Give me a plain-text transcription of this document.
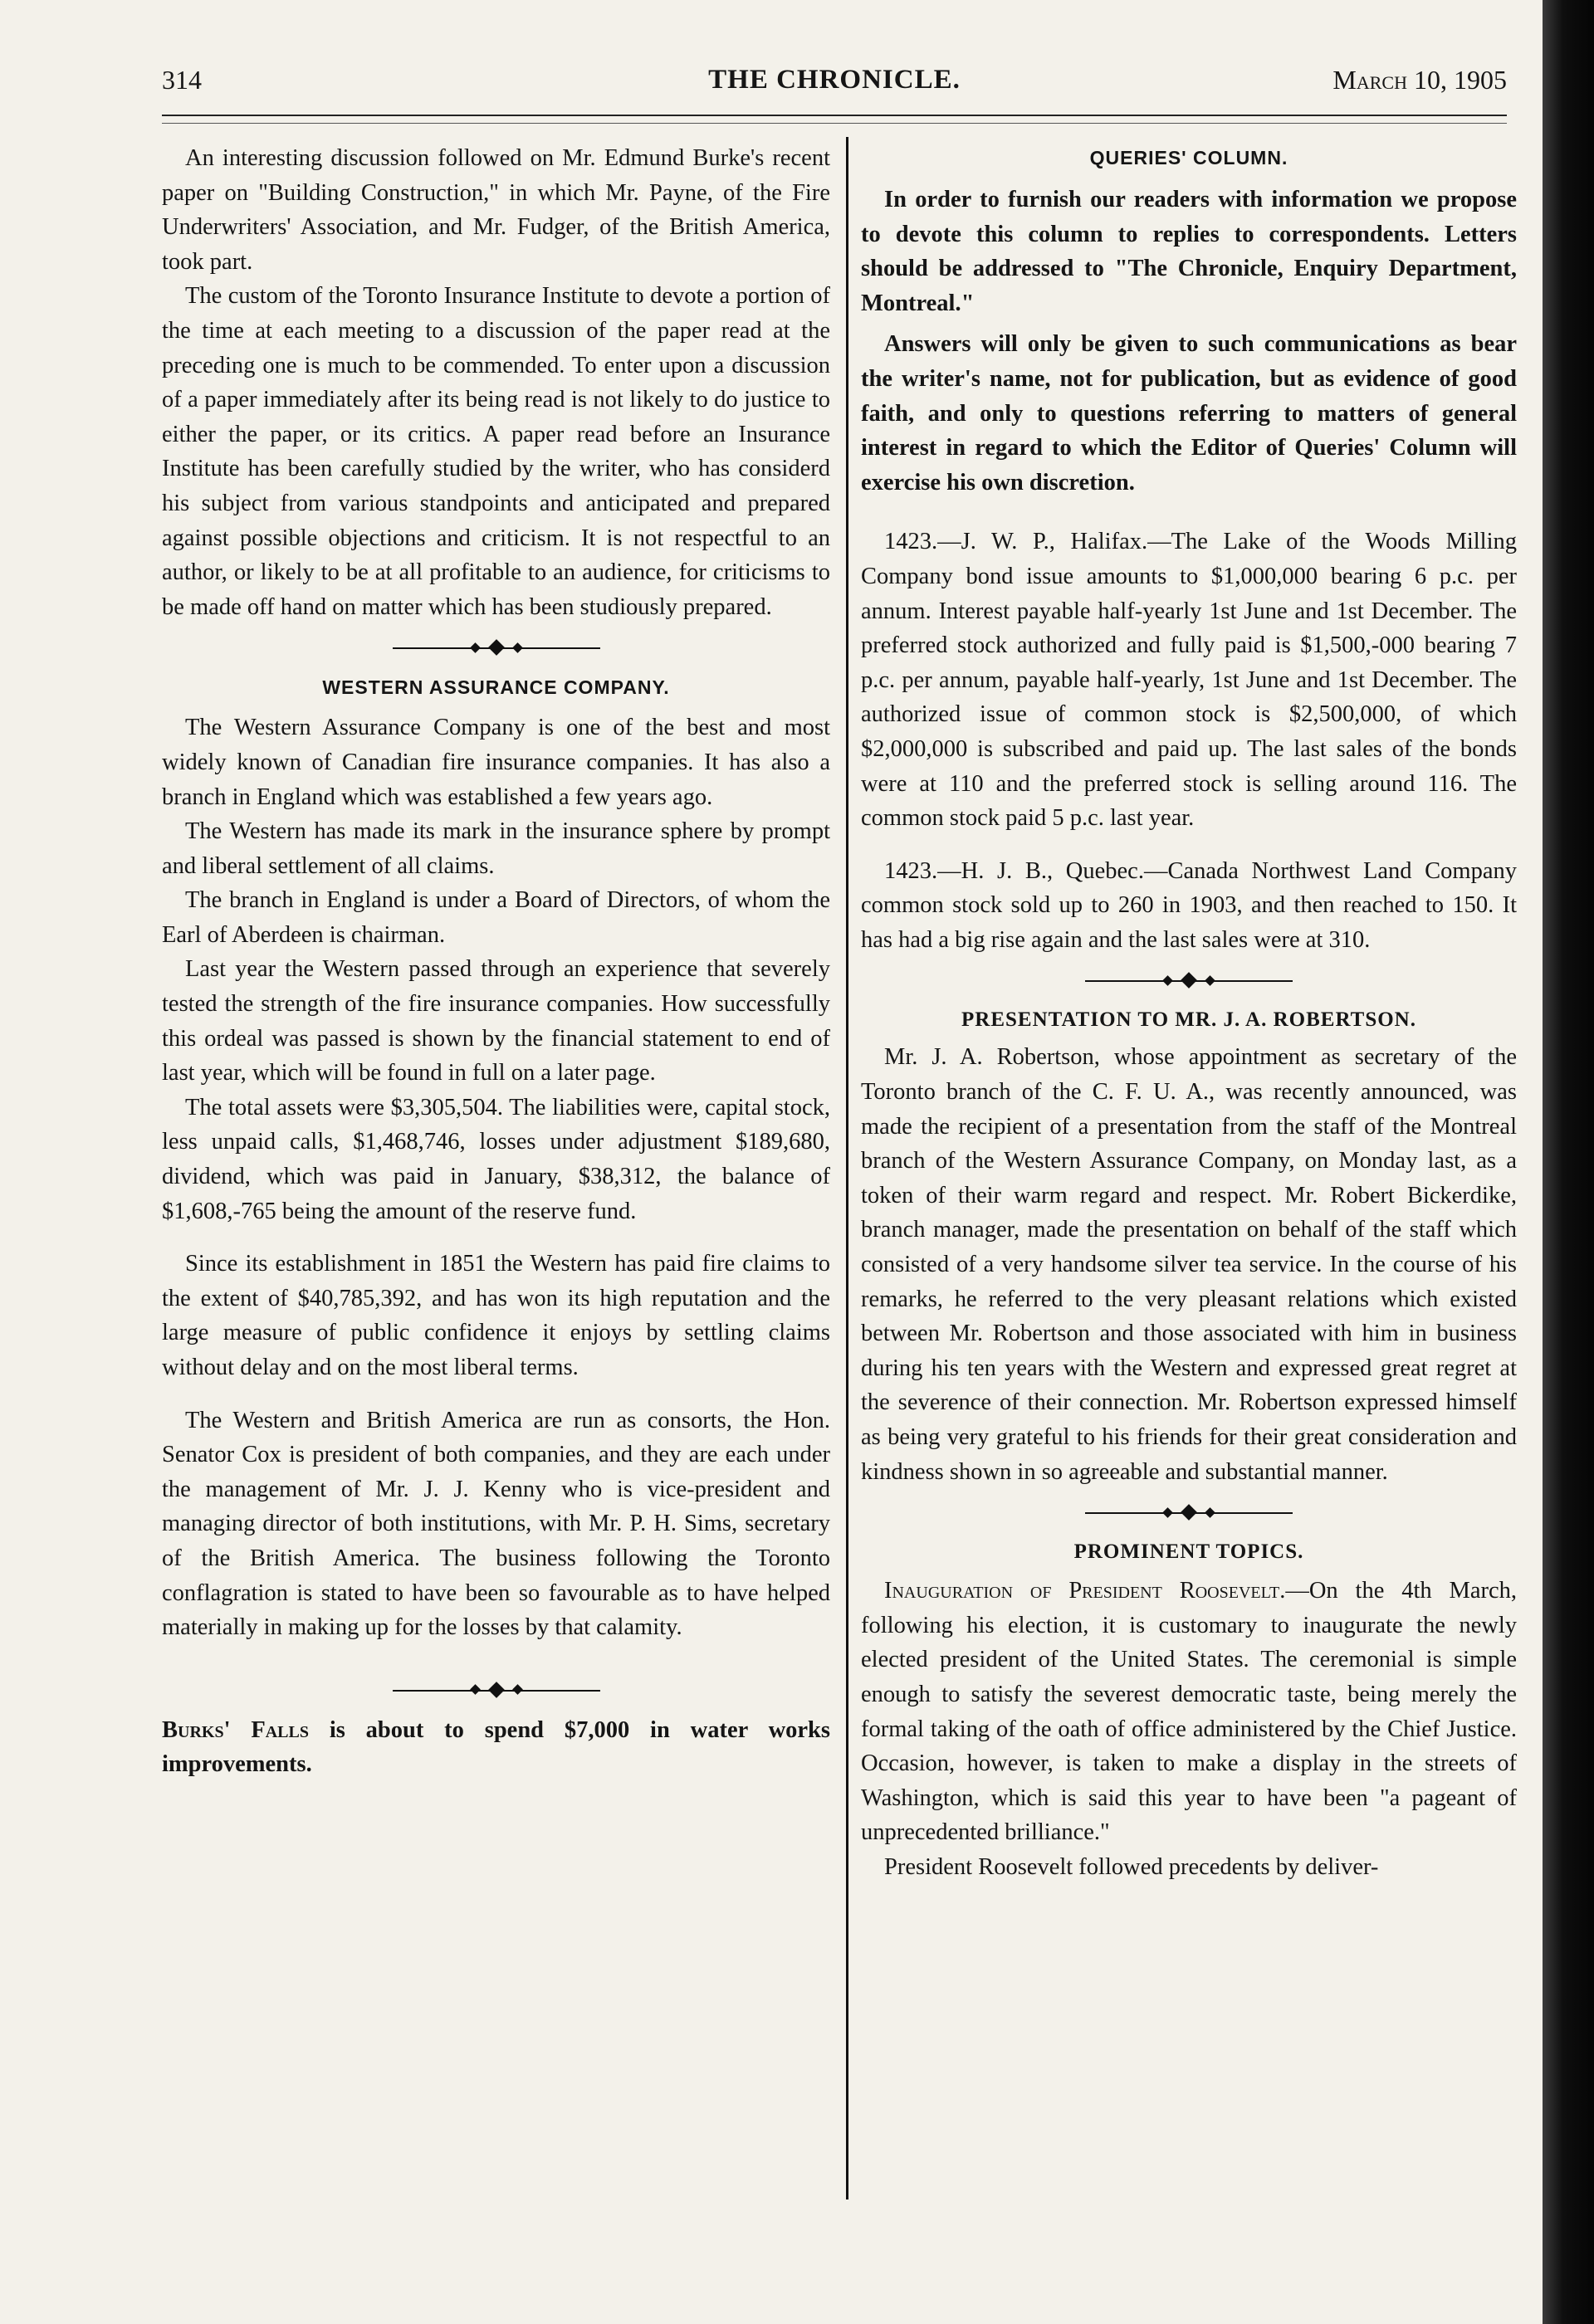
314	THE CHRONICLE.	March 10, 1905

An interesting discussion followed on Mr. Edmund Burke's recent paper on "Building Construction," in which Mr. Payne, of the Fire Underwriters' Association, and Mr. Fudger, of the British America, took part.

The custom of the Toronto Insurance Institute to devote a portion of the time at each meeting to a discussion of the paper read at the preceding one is much to be commended. To enter upon a discussion of a paper immediately after its being read is not likely to do justice to either the paper, or its critics. A paper read before an Insurance Institute has been carefully studied by the writer, who has considerd his subject from various standpoints and anticipated and prepared against possible objections and criticism. It is not respectful to an author, or likely to be at all profitable to an audience, for criticisms to be made off hand on matter which has been studiously prepared.

WESTERN ASSURANCE COMPANY.

The Western Assurance Company is one of the best and most widely known of Canadian fire insurance companies. It has also a branch in England which was established a few years ago.

The Western has made its mark in the insurance sphere by prompt and liberal settlement of all claims.

The branch in England is under a Board of Directors, of whom the Earl of Aberdeen is chairman.

Last year the Western passed through an experience that severely tested the strength of the fire insurance companies. How successfully this ordeal was passed is shown by the financial statement to end of last year, which will be found in full on a later page.

The total assets were $3,305,504. The liabilities were, capital stock, less unpaid calls, $1,468,746, losses under adjustment $189,680, dividend, which was paid in January, $38,312, the balance of $1,608,-765 being the amount of the reserve fund.

Since its establishment in 1851 the Western has paid fire claims to the extent of $40,785,392, and has won its high reputation and the large measure of public confidence it enjoys by settling claims without delay and on the most liberal terms.

The Western and British America are run as consorts, the Hon. Senator Cox is president of both companies, and they are each under the management of Mr. J. J. Kenny who is vice-president and managing director of both institutions, with Mr. P. H. Sims, secretary of the British America. The business following the Toronto conflagration is stated to have been so favourable as to have helped materially in making up for the losses by that calamity.

Burks' Falls is about to spend $7,000 in water works improvements.

QUERIES' COLUMN.

In order to furnish our readers with information we propose to devote this column to replies to correspondents. Letters should be addressed to "The Chronicle, Enquiry Department, Montreal."

Answers will only be given to such communications as bear the writer's name, not for publication, but as evidence of good faith, and only to questions referring to matters of general interest in regard to which the Editor of Queries' Column will exercise his own discretion.

1423.—J. W. P., Halifax.—The Lake of the Woods Milling Company bond issue amounts to $1,000,000 bearing 6 p.c. per annum. Interest payable half-yearly 1st June and 1st December. The preferred stock authorized and fully paid is $1,500,-000 bearing 7 p.c. per annum, payable half-yearly, 1st June and 1st December. The authorized issue of common stock is $2,500,000, of which $2,000,000 is subscribed and paid up. The last sales of the bonds were at 110 and the preferred stock is selling around 116. The common stock paid 5 p.c. last year.

1423.—H. J. B., Quebec.—Canada Northwest Land Company common stock sold up to 260 in 1903, and then reached to 150. It has had a big rise again and the last sales were at 310.

PRESENTATION TO MR. J. A. ROBERTSON.

Mr. J. A. Robertson, whose appointment as secretary of the Toronto branch of the C. F. U. A., was recently announced, was made the recipient of a presentation from the staff of the Montreal branch of the Western Assurance Company, on Monday last, as a token of their warm regard and respect. Mr. Robert Bickerdike, branch manager, made the presentation on behalf of the staff which consisted of a very handsome silver tea service. In the course of his remarks, he referred to the very pleasant relations which existed between Mr. Robertson and those associated with him in business during his ten years with the Western and expressed great regret at the severence of their connection. Mr. Robertson expressed himself as being very grateful to his friends for their great consideration and kindness shown in so agreeable and substantial manner.

PROMINENT TOPICS.

Inauguration of President Roosevelt.—On the 4th March, following his election, it is customary to inaugurate the newly elected president of the United States. The ceremonial is simple enough to satisfy the severest democratic taste, being merely the formal taking of the oath of office administered by the Chief Justice. Occasion, however, is taken to make a display in the streets of Washington, which is said this year to have been "a pageant of unprecedented brilliance."

President Roosevelt followed precedents by deliver-
